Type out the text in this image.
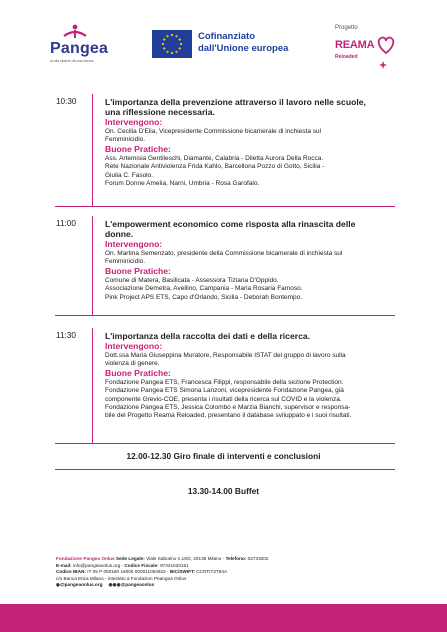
Pangea
la vita riparte da una donna
Cofinanziato
dall'Unione europea
Progetto
REAMA
Reloaded
10:30	L'importanza della prevenzione attraverso il lavoro nelle scuole,
una riflessione necessaria.
Intervengono:
On. Cecilia D'Elia, Vicepresidente Commissione bicamerale di inchiesta sul
Femminicidio.
Buone Pratiche:
Ass. Artemisia Gentileschi, Diamante, Calabria - Diletta Aurora Della Rocca.
Rete Nazionale Antiviolenza Frida Kahlo, Barcellona Pozzo di Gotto, Sicilia -
Giulia C. Fasolo.
Forum Donne Amelia, Narni, Umbria - Rosa Garofalo.
11:00	L'empowerment economico come risposta alla rinascita delle
donne.
Intervengono:
On. Martina Semenzato, presidente della Commissione bicamerale di inchiesta sul
Femminicidio.
Buone Pratiche:
Comune di Matera, Basilicata - Assessora Tiziana D'Oppido.
Associazione Demetra, Avellino, Campania - Maria Rosaria Famoso.
Pink Project APS ETS, Capo d'Orlando, Sicilia - Deborah Bontempo.
11:30	L'importanza della raccolta dei dati e della ricerca.
Intervengono:
Dott.ssa Maria Giuseppina Muratore, Responsabile ISTAT del gruppo di lavoro sulla
violenza di genere.
Buone Pratiche:
Fondazione Pangea ETS, Francesca Filippi, responsabile della sezione Protection.
Fondazione Pangea ETS Simona Lanzoni, vicepresidente Fondazione Pangea, già
componente Grevio-COE, presenta i risultati della ricerca sul COVID e la violenza.
Fondazione Pangea ETS, Jessica Colombo e Marzia Bianchi, supervisor e responsa-
bile del Progetto Reama Reloaded, presentano il database sviluppato e i suoi risultati.
12.00-12.30 Giro finale di interventi e conclusioni
13.30-14.00 Buffet
Fondazione Pangea Onlus Sede Legale: Viale Sabotino n.19/2, 20135 Milano - Telefono: 02733202
E-mail: info@pangeaonlus.org - Codice Fiscale: 97321620151
Codice IBAN: IT 05 P 050180 16000 000011063922 - BIC/SWIFT: CCRTIT2T84A
c/o Banca Etica Milano - intestato a Fondazion Peangea Onlus
◉@pangeaonlus.org ◉◉◉@pangeaonlus
